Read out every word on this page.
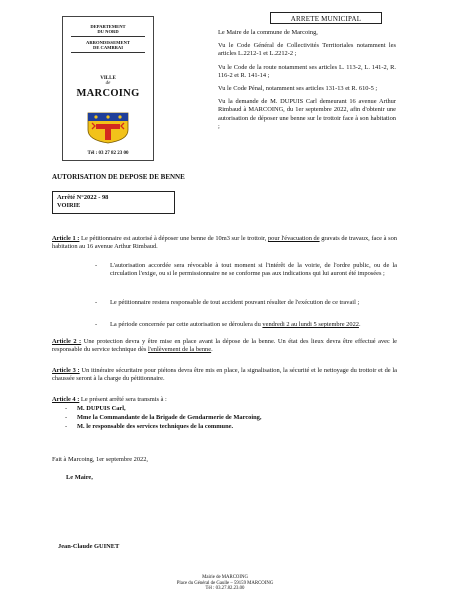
DEPARTEMENT
DU NORD
ARRONDISSEMENT
DE CAMBRAI
VILLE
de
MARCOING
Tél : 03 27 82 23 00
ARRETE MUNICIPAL
Le Maire de la commune de Marcoing,
Vu le Code Général de Collectivités Territoriales notamment les articles L.2212-1 et L.2212-2 ;
Vu le Code de la route notamment ses articles L. 113-2, L. 141-2, R. 116-2 et R. 141-14 ;
Vu le Code Pénal, notamment ses articles 131-13 et R. 610-5 ;
Vu la demande de M. DUPUIS Carl demeurant 16 avenue Arthur Rimbaud à MARCOING, du 1er septembre 2022, afin d'obtenir une autorisation de déposer une benne sur le trottoir face à son habitation ;
AUTORISATION DE DEPOSE DE BENNE
Arrêté N°2022 - 98
VOIRIE
Article 1 : Le pétitionnaire est autorisé à déposer une benne de 10m3 sur le trottoir, pour l'évacuation de gravats de travaux, face à son habitation au 16 avenue Arthur Rimbaud.
- L'autorisation accordée sera révocable à tout moment si l'intérêt de la voirie, de l'ordre public, ou de la circulation l'exige, ou si le permissionnaire ne se conforme pas aux indications qui lui auront été imposées ;
- Le pétitionnaire restera responsable de tout accident pouvant résulter de l'exécution de ce travail ;
- La période concernée par cette autorisation se déroulera du vendredi 2 au lundi 5 septembre 2022.
Article 2 : Une protection devra y être mise en place avant la dépose de la benne. Un état des lieux devra être effectué avec le responsable du service technique dès l'enlèvement de la benne.
Article 3 : Un itinéraire sécuritaire pour piétons devra être mis en place, la signalisation, la sécurité et le nettoyage du trottoir et de la chaussée seront à la charge du pétitionnaire.
Article 4 : Le présent arrêté sera transmis à :
- M. DUPUIS Carl,
- Mme la Commandante de la Brigade de Gendarmerie de Marcoing,
- M. le responsable des services techniques de la commune.
Fait à Marcoing, 1er septembre 2022,
Le Maire,
Jean-Claude GUINET
Mairie de MARCOING
Place du Général de Gaulle – 59159 MARCOING
Tél : 03.27.82.23.00
